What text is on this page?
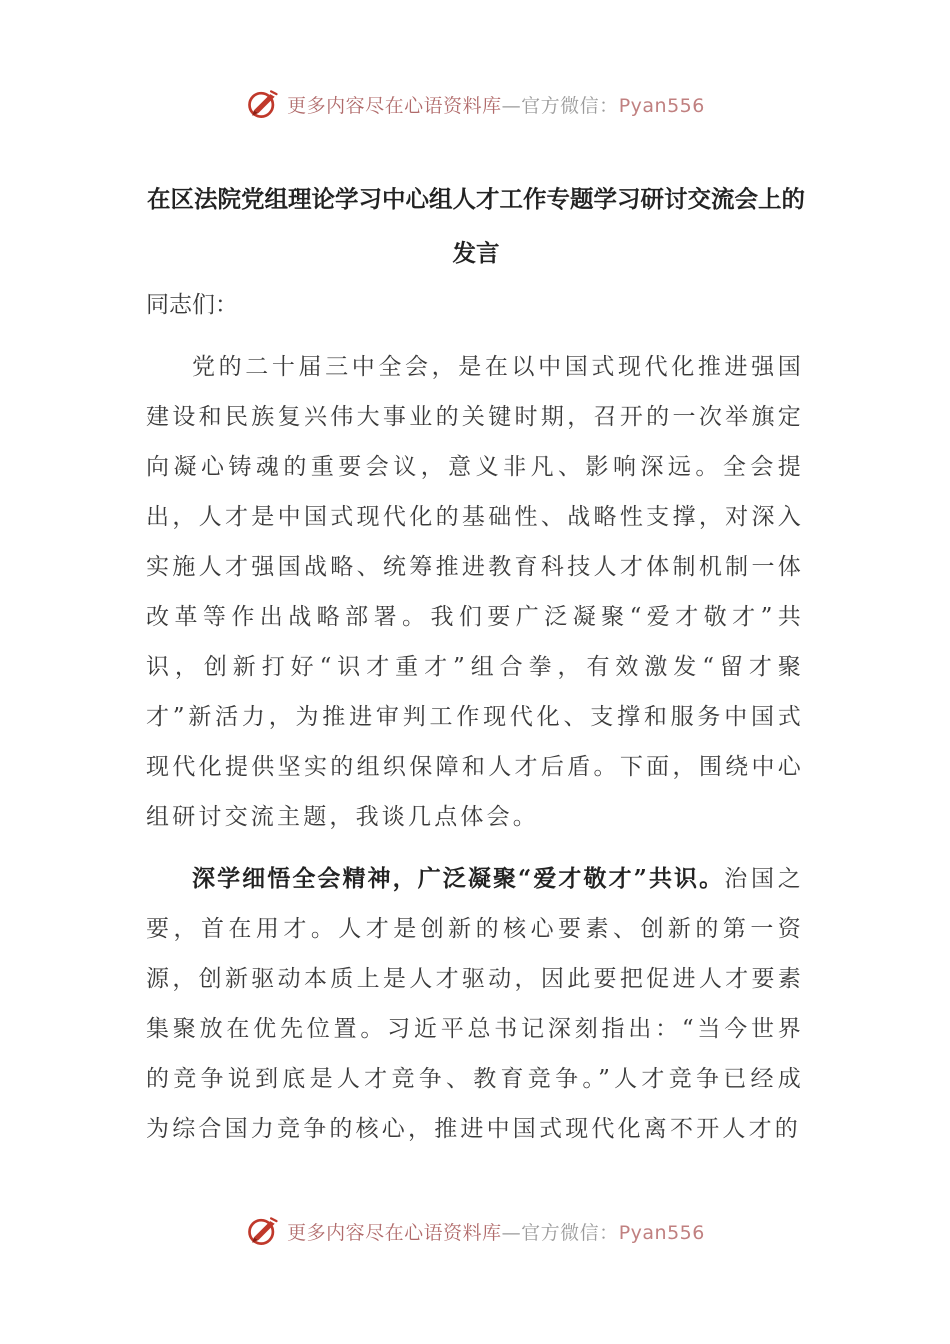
更多内容尽在心语资料库—官方微信：Pyan556
在区法院党组理论学习中心组人才工作专题学习研讨交流会上的发言

同志们：

党的二十届三中全会，是在以中国式现代化推进强国建设和民族复兴伟大事业的关键时期，召开的一次举旗定向凝心铸魂的重要会议，意义非凡、影响深远。全会提出，人才是中国式现代化的基础性、战略性支撑，对深入实施人才强国战略、统筹推进教育科技人才体制机制一体改革等作出战略部署。我们要广泛凝聚“爱才敬才”共识，创新打好“识才重才”组合拳，有效激发“留才聚才”新活力，为推进审判工作现代化、支撑和服务中国式现代化提供坚实的组织保障和人才后盾。下面，围绕中心组研讨交流主题，我谈几点体会。

深学细悟全会精神，广泛凝聚“爱才敬才”共识。治国之要，首在用才。人才是创新的核心要素、创新的第一资源，创新驱动本质上是人才驱动，因此要把促进人才要素集聚放在优先位置。习近平总书记深刻指出：“当今世界的竞争说到底是人才竞争、教育竞争。”人才竞争已经成为综合国力竞争的核心，推进中国式现代化离不开人才的

更多内容尽在心语资料库—官方微信：Pyan556
